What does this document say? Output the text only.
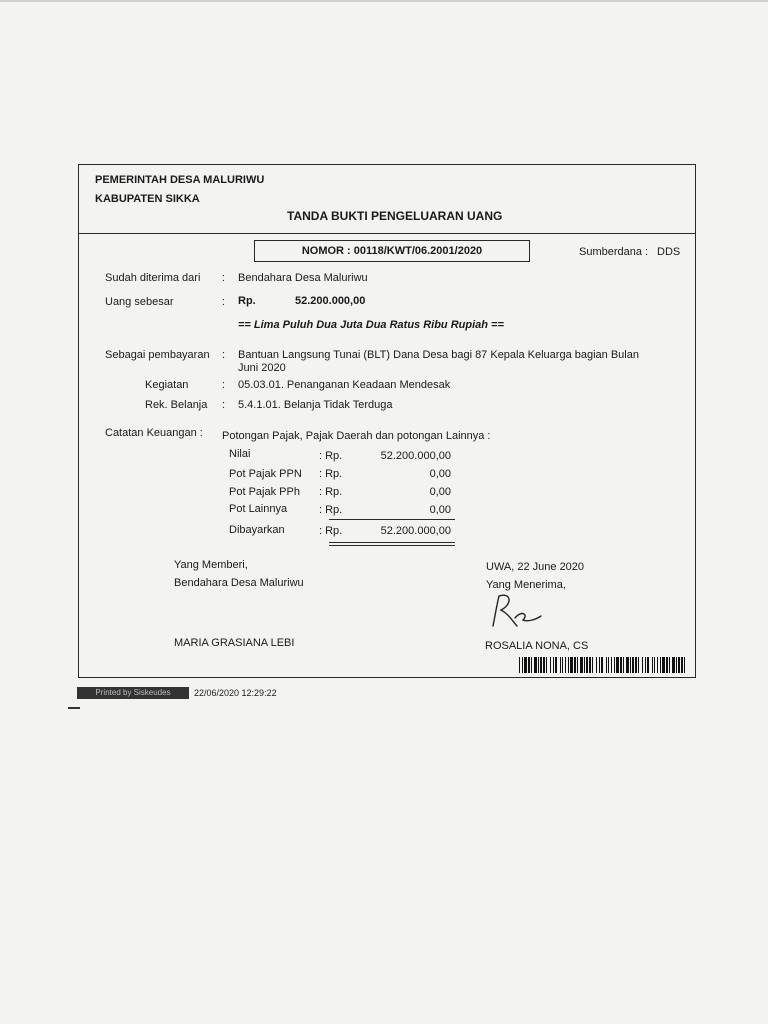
PEMERINTAH DESA MALURIWU
KABUPATEN SIKKA
TANDA BUKTI PENGELUARAN UANG
NOMOR : 00118/KWT/06.2001/2020	Sumberdana : DDS
Sudah diterima dari : Bendahara Desa Maluriwu
Uang sebesar	: Rp.	52.200.000,00
== Lima Puluh Dua Juta Dua Ratus Ribu Rupiah ==
Sebagai pembayaran : Bantuan Langsung Tunai (BLT) Dana Desa bagi 87 Kepala Keluarga bagian Bulan
Juni 2020
Kegiatan	: 05.03.01. Penanganan Keadaan Mendesak
Rek. Belanja : 5.4.1.01. Belanja Tidak Terduga
Catatan Keuangan : Potongan Pajak, Pajak Daerah dan potongan Lainnya :
Nilai	: Rp.	52.200.000,00
Pot Pajak PPN : Rp.	0,00
Pot Pajak PPh : Rp.	0,00
Pot Lainnya	: Rp.	0,00
Dibayarkan	: Rp.	52.200.000,00
Yang Memberi,
Bendahara Desa Maluriwu
MARIA GRASIANA LEBI
UWA, 22 June 2020
Yang Menerima,
ROSALIA NONA, CS
Printed by Siskeudes	22/06/2020 12:29:22
